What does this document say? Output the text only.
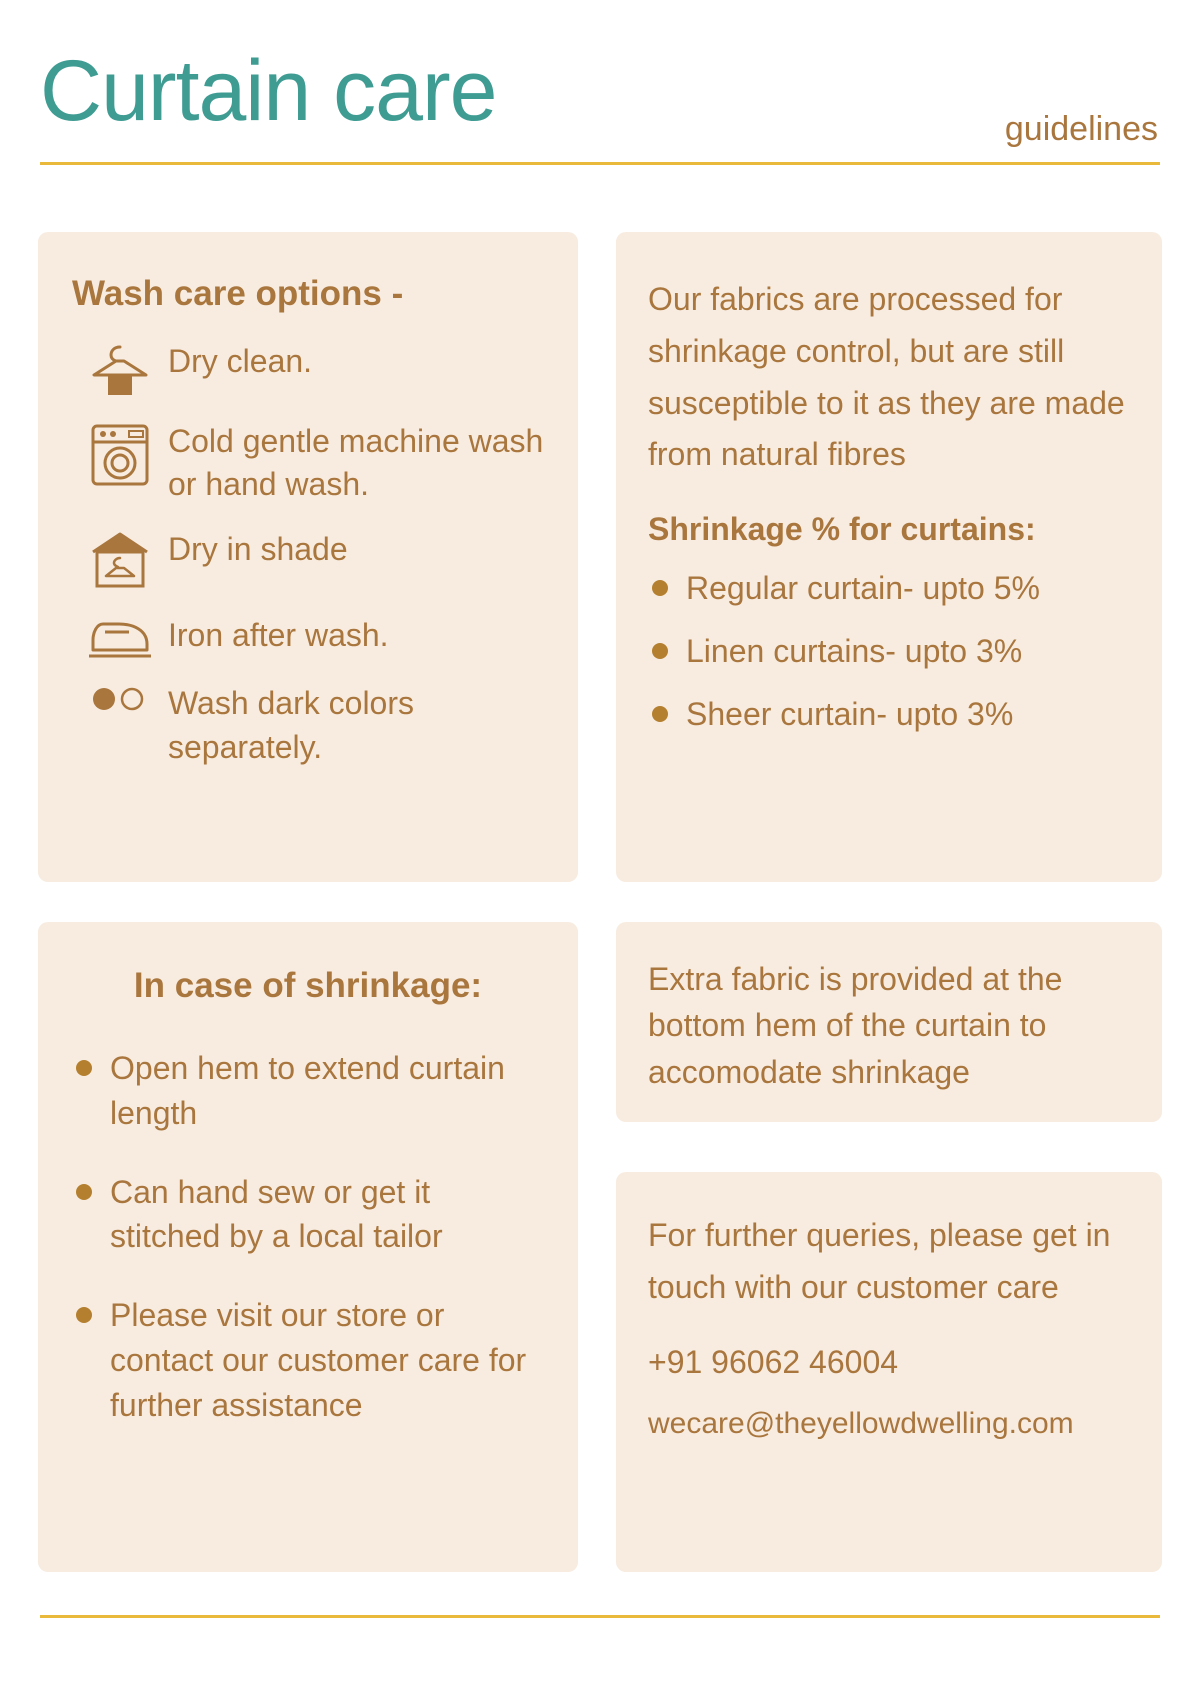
Curtain care	guidelines
Wash care options -
Dry clean.
Cold gentle machine wash or hand wash.
Dry in shade
Iron after wash.
Wash dark colors separately.

Our fabrics are processed for shrinkage control, but are still susceptible to it as they are made from natural fibres

Shrinkage % for curtains:

Regular curtain- upto 5%
Linen curtains- upto 3%
Sheer curtain- upto 3%
In case of shrinkage:
Open hem to extend curtain length
Can hand sew or get it stitched by a local tailor
Please visit our store or contact our customer care for further assistance

Extra fabric is provided at the bottom hem of the curtain to accomodate shrinkage

For further queries, please get in touch with our customer care

+91 96062 46004

wecare@theyellowdwelling.com
